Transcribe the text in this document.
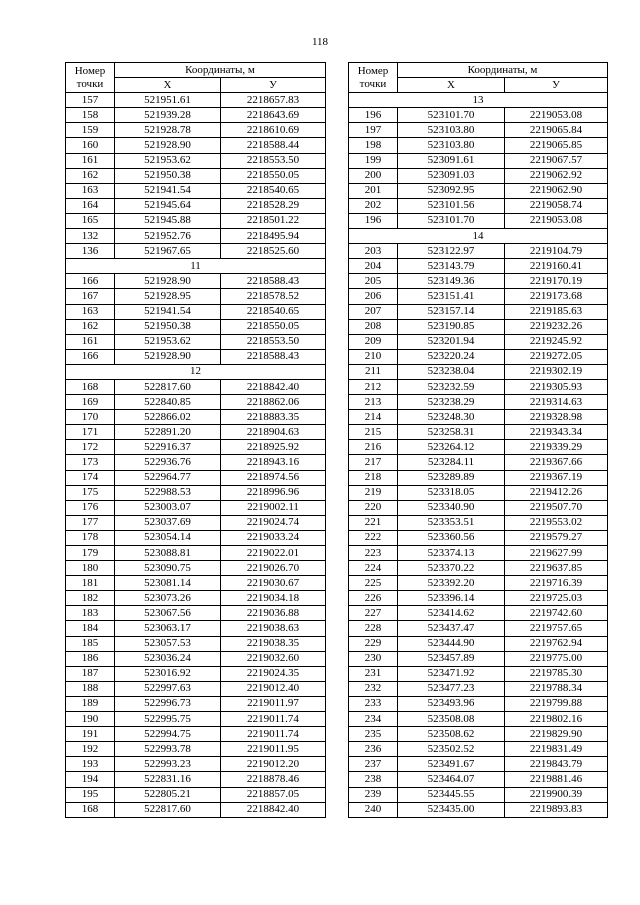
118
Номер точки	Координаты, м	
	X	У
157	521951.61	2218657.83
158	521939.28	2218643.69
159	521928.78	2218610.69
160	521928.90	2218588.44
161	521953.62	2218553.50
162	521950.38	2218550.05
163	521941.54	2218540.65
164	521945.64	2218528.29
165	521945.88	2218501.22
132	521952.76	2218495.94
136	521967.65	2218525.60
11		
166	521928.90	2218588.43
167	521928.95	2218578.52
163	521941.54	2218540.65
162	521950.38	2218550.05
161	521953.62	2218553.50
166	521928.90	2218588.43
12		
168	522817.60	2218842.40
169	522840.85	2218862.06
170	522866.02	2218883.35
171	522891.20	2218904.63
172	522916.37	2218925.92
173	522936.76	2218943.16
174	522964.77	2218974.56
175	522988.53	2218996.96
176	523003.07	2219002.11
177	523037.69	2219024.74
178	523054.14	2219033.24
179	523088.81	2219022.01
180	523090.75	2219026.70
181	523081.14	2219030.67
182	523073.26	2219034.18
183	523067.56	2219036.88
184	523063.17	2219038.63
185	523057.53	2219038.35
186	523036.24	2219032.60
187	523016.92	2219024.35
188	522997.63	2219012.40
189	522996.73	2219011.97
190	522995.75	2219011.74
191	522994.75	2219011.74
192	522993.78	2219011.95
193	522993.23	2219012.20
194	522831.16	2218878.46
195	522805.21	2218857.05
168	522817.60	2218842.40
Номер точки	Координаты, м	
	X	У
13		
196	523101.70	2219053.08
197	523103.80	2219065.84
198	523103.80	2219065.85
199	523091.61	2219067.57
200	523091.03	2219062.92
201	523092.95	2219062.90
202	523101.56	2219058.74
196	523101.70	2219053.08
14		
203	523122.97	2219104.79
204	523143.79	2219160.41
205	523149.36	2219170.19
206	523151.41	2219173.68
207	523157.14	2219185.63
208	523190.85	2219232.26
209	523201.94	2219245.92
210	523220.24	2219272.05
211	523238.04	2219302.19
212	523232.59	2219305.93
213	523238.29	2219314.63
214	523248.30	2219328.98
215	523258.31	2219343.34
216	523264.12	2219339.29
217	523284.11	2219367.66
218	523289.89	2219367.19
219	523318.05	2219412.26
220	523340.90	2219507.70
221	523353.51	2219553.02
222	523360.56	2219579.27
223	523374.13	2219627.99
224	523370.22	2219637.85
225	523392.20	2219716.39
226	523396.14	2219725.03
227	523414.62	2219742.60
228	523437.47	2219757.65
229	523444.90	2219762.94
230	523457.89	2219775.00
231	523471.92	2219785.30
232	523477.23	2219788.34
233	523493.96	2219799.88
234	523508.08	2219802.16
235	523508.62	2219829.90
236	523502.52	2219831.49
237	523491.67	2219843.79
238	523464.07	2219881.46
239	523445.55	2219900.39
240	523435.00	2219893.83
